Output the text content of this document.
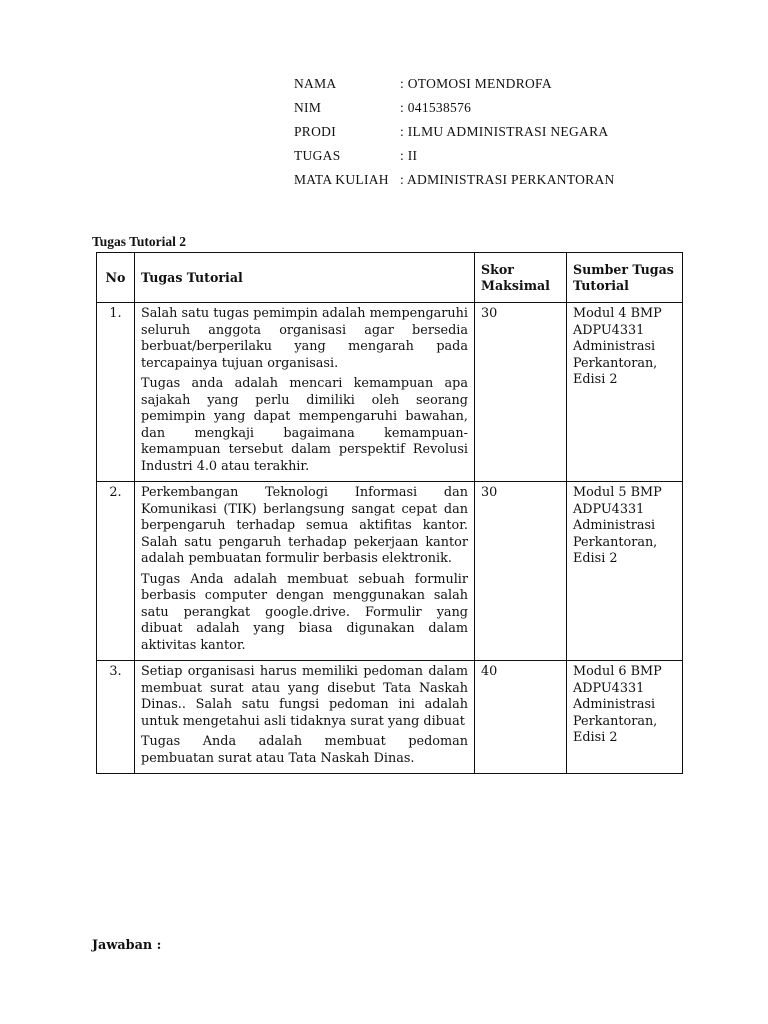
NAMA	: OTOMOSI MENDROFA
NIM	: 041538576
PRODI	: ILMU ADMINISTRASI NEGARA
TUGAS	: II
MATA KULIAH : ADMINISTRASI PERKANTORAN
Tugas Tutorial 2
No	Tugas Tutorial	Skor Maksimal	Sumber Tugas Tutorial
1.	Salah satu tugas pemimpin adalah mempengaruhi seluruh anggota organisasi agar bersedia berbuat/berperilaku yang mengarah pada tercapainya tujuan organisasi.

Tugas anda adalah mencari kemampuan apa sajakah yang perlu dimiliki oleh seorang pemimpin yang dapat mempengaruhi bawahan, dan mengkaji bagaimana kemampuan-kemampuan tersebut dalam perspektif Revolusi Industri 4.0 atau terakhir.	30	Modul 4 BMP ADPU4331 Administrasi Perkantoran, Edisi 2
2.	Perkembangan Teknologi Informasi dan Komunikasi (TIK) berlangsung sangat cepat dan berpengaruh terhadap semua aktifitas kantor. Salah satu pengaruh terhadap pekerjaan kantor adalah pembuatan formulir berbasis elektronik.

Tugas Anda adalah membuat sebuah formulir berbasis computer dengan menggunakan salah satu perangkat google.drive. Formulir yang dibuat adalah yang biasa digunakan dalam aktivitas kantor.	30	Modul 5 BMP ADPU4331 Administrasi Perkantoran, Edisi 2
3.	Setiap organisasi harus memiliki pedoman dalam membuat surat atau yang disebut Tata Naskah Dinas.. Salah satu fungsi pedoman ini adalah untuk mengetahui asli tidaknya surat yang dibuat

Tugas Anda adalah membuat pedoman pembuatan surat atau Tata Naskah Dinas.	40	Modul 6 BMP ADPU4331 Administrasi Perkantoran, Edisi 2
Jawaban :
